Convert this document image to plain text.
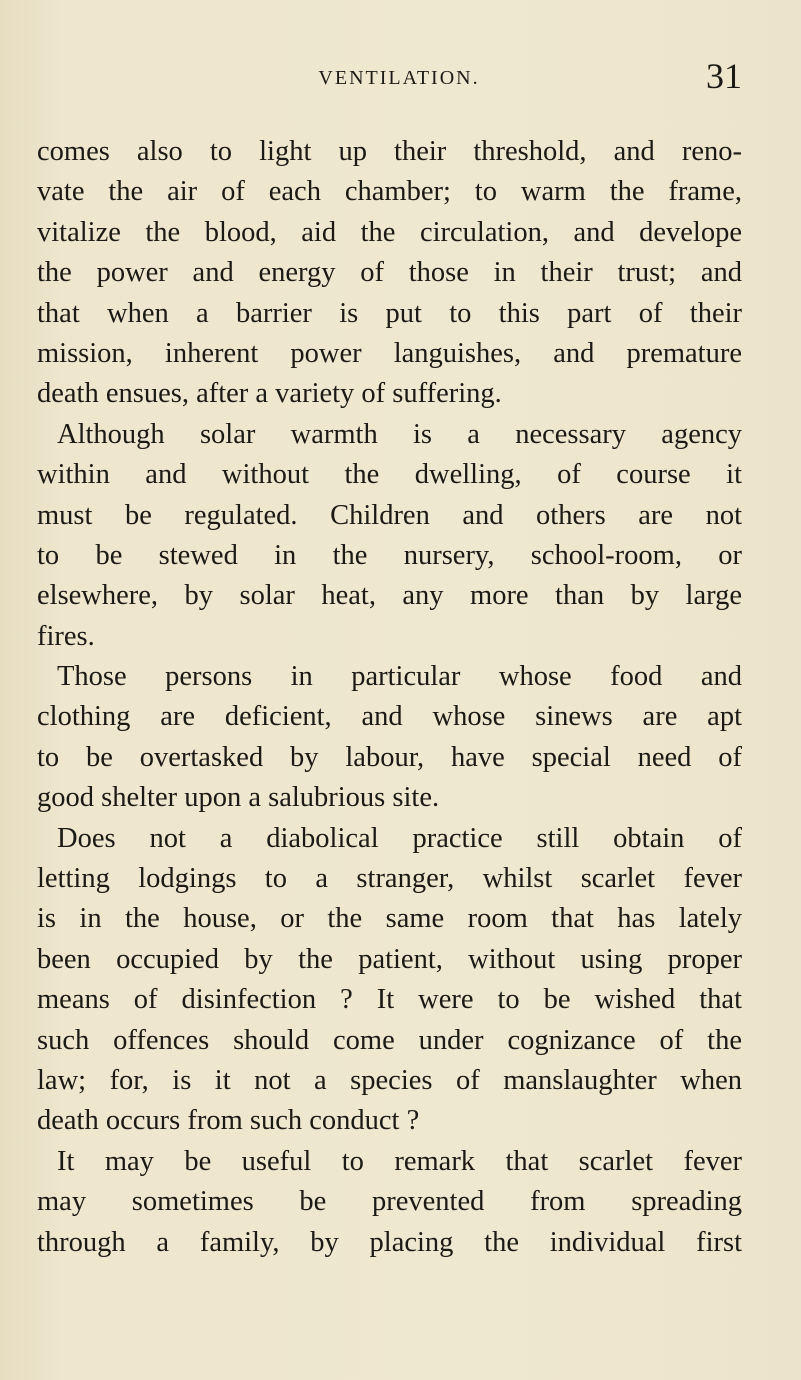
VENTILATION.	31
comes also to light up their threshold, and reno-
vate the air of each chamber; to warm the frame,
vitalize the blood, aid the circulation, and develope
the power and energy of those in their trust; and
that when a barrier is put to this part of their
mission, inherent power languishes, and premature
death ensues, after a variety of suffering.
Although solar warmth is a necessary agency
within and without the dwelling, of course it
must be regulated. Children and others are not
to be stewed in the nursery, school-room, or
elsewhere, by solar heat, any more than by large
fires.
Those persons in particular whose food and
clothing are deficient, and whose sinews are apt
to be overtasked by labour, have special need of
good shelter upon a salubrious site.
Does not a diabolical practice still obtain of
letting lodgings to a stranger, whilst scarlet fever
is in the house, or the same room that has lately
been occupied by the patient, without using proper
means of disinfection ? It were to be wished that
such offences should come under cognizance of the
law; for, is it not a species of manslaughter when
death occurs from such conduct ?
It may be useful to remark that scarlet fever
may sometimes be prevented from spreading
through a family, by placing the individual first
